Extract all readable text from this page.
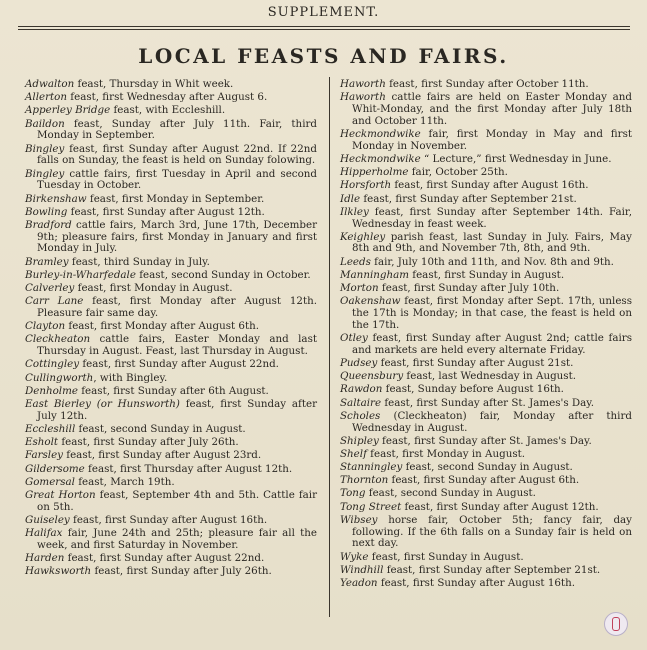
SUPPLEMENT.
LOCAL FEASTS AND FAIRS.
Adwalton feast, Thursday in Whit week.
Allerton feast, first Wednesday after August 6.
Apperley Bridge feast, with Eccleshill.
Baildon feast, Sunday after July 11th. Fair, third Monday in September.
Bingley feast, first Sunday after August 22nd. If 22nd falls on Sunday, the feast is held on Sunday folowing.
Bingley cattle fairs, first Tuesday in April and second Tuesday in October.
Birkenshaw feast, first Monday in September.
Bowling feast, first Sunday after August 12th.
Bradford cattle fairs, March 3rd, June 17th, December 9th; pleasure fairs, first Monday in January and first Monday in July.
Bramley feast, third Sunday in July.
Burley-in-Wharfedale feast, second Sunday in October.
Calverley feast, first Monday in August.
Carr Lane feast, first Monday after August 12th. Pleasure fair same day.
Clayton feast, first Monday after August 6th.
Cleckheaton cattle fairs, Easter Monday and last Thursday in August. Feast, last Thursday in August.
Cottingley feast, first Sunday after August 22nd.
Cullingworth, with Bingley.
Denholme feast, first Sunday after 6th August.
East Bierley (or Hunsworth) feast, first Sunday after July 12th.
Eccleshill feast, second Sunday in August.
Esholt feast, first Sunday after July 26th.
Farsley feast, first Sunday after August 23rd.
Gildersome feast, first Thursday after August 12th.
Gomersal feast, March 19th.
Great Horton feast, September 4th and 5th. Cattle fair on 5th.
Guiseley feast, first Sunday after August 16th.
Halifax fair, June 24th and 25th; pleasure fair all the week, and first Saturday in November.
Harden feast, first Sunday after August 22nd.
Hawksworth feast, first Sunday after July 26th.
Haworth feast, first Sunday after October 11th.
Haworth cattle fairs are held on Easter Monday and Whit-Monday, and the first Monday after July 18th and October 11th.
Heckmondwike fair, first Monday in May and first Monday in November.
Heckmondwike “ Lecture,” first Wednesday in June.
Hipperholme fair, October 25th.
Horsforth feast, first Sunday after August 16th.
Idle feast, first Sunday after September 21st.
Ilkley feast, first Sunday after September 14th. Fair, Wednesday in feast week.
Keighley parish feast, last Sunday in July. Fairs, May 8th and 9th, and November 7th, 8th, and 9th.
Leeds fair, July 10th and 11th, and Nov. 8th and 9th.
Manningham feast, first Sunday in August.
Morton feast, first Sunday after July 10th.
Oakenshaw feast, first Monday after Sept. 17th, unless the 17th is Monday; in that case, the feast is held on the 17th.
Otley feast, first Sunday after August 2nd; cattle fairs and markets are held every alternate Friday.
Pudsey feast, first Sunday after August 21st.
Queensbury feast, last Wednesday in August.
Rawdon feast, Sunday before August 16th.
Saltaire feast, first Sunday after St. James's Day.
Scholes (Cleckheaton) fair, Monday after third Wednesday in August.
Shipley feast, first Sunday after St. James's Day.
Shelf feast, first Monday in August.
Stanningley feast, second Sunday in August.
Thornton feast, first Sunday after August 6th.
Tong feast, second Sunday in August.
Tong Street feast, first Sunday after August 12th.
Wibsey horse fair, October 5th; fancy fair, day following. If the 6th falls on a Sunday fair is held on next day.
Wyke feast, first Sunday in August.
Windhill feast, first Sunday after September 21st.
Yeadon feast, first Sunday after August 16th.
